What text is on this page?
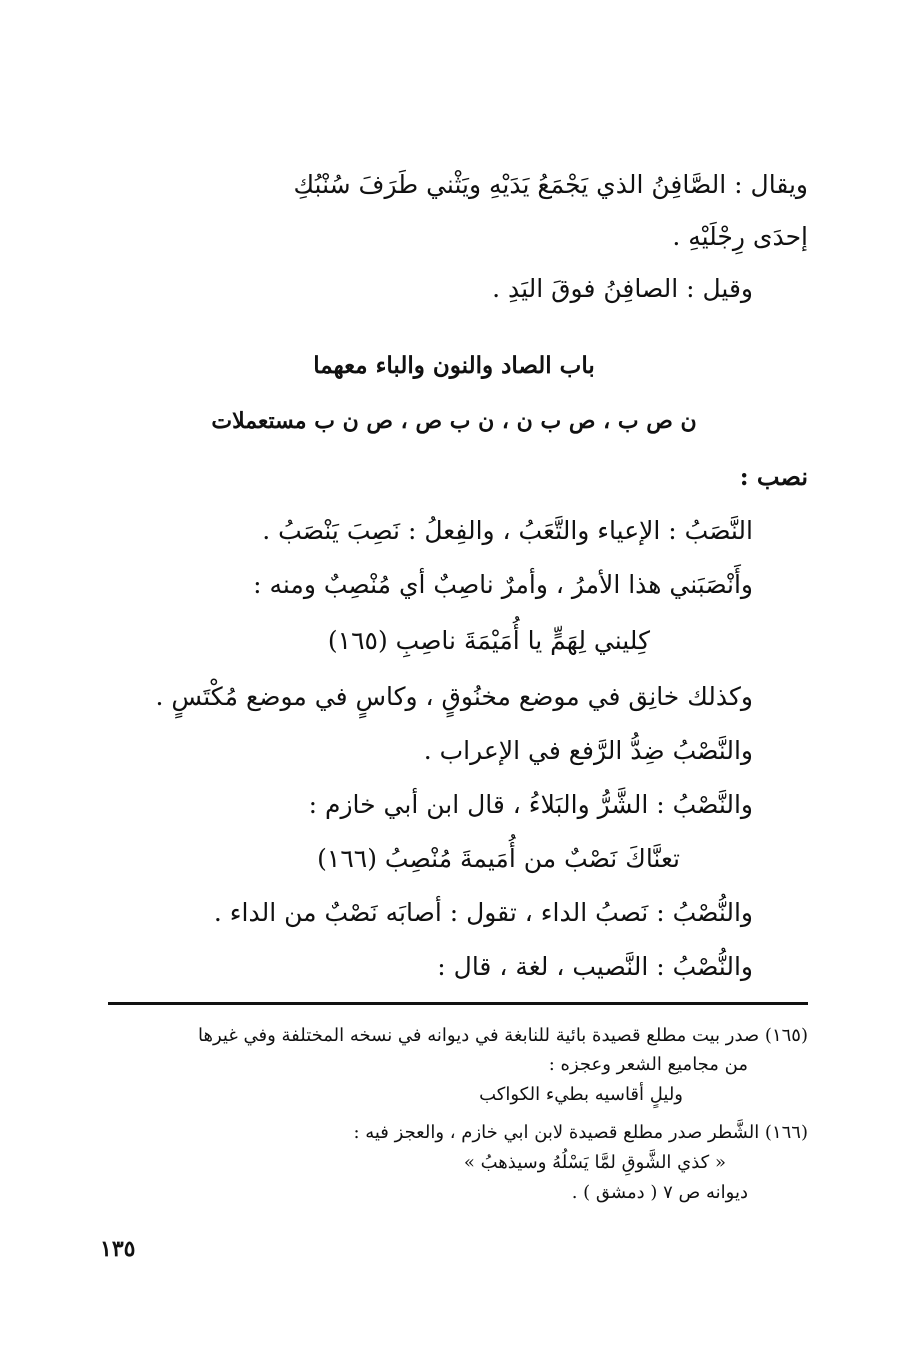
ويقال : الصَّافِنُ الذي يَجْمَعُ يَدَيْهِ ويَثْني طَرَفَ سُنْبُكِ
إحدَى رِجْلَيْهِ .
وقيل : الصافِنُ فوقَ اليَدِ .
باب الصاد والنون والباء معهما
ن ص ب ، ص ب ن ، ن ب ص ، ص ن ب مستعملات
نصب :
النَّصَبُ : الإعياء والتَّعَبُ ، والفِعلُ : نَصِبَ يَنْصَبُ .
وأَنْصَبَني هذا الأمرُ ، وأمرٌ ناصِبٌ أي مُنْصِبٌ ومنه :
كِليني لِهَمٍّ يا أُمَيْمَةَ ناصِبِ (١٦٥)
وكذلك خانِق في موضع مخنُوقٍ ، وكاسٍ في موضع مُكْتَسٍ .
والنَّصْبُ ضِدُّ الرَّفع في الإعراب .
والنَّصْبُ : الشَّرُّ والبَلاءُ ، قال ابن أبي خازم :
تعنَّاكَ نَصْبٌ من أُمَيمةَ مُنْصِبُ (١٦٦)
والنُّصْبُ : نَصبُ الداء ، تقول : أصابَه نَصْبٌ من الداء .
والنُّصْبُ : النَّصيب ، لغة ، قال :
(١٦٥) صدر بيت مطلع قصيدة بائية للنابغة في ديوانه في نسخه المختلفة وفي غيرها
من مجاميع الشعر وعجزه :
وليلٍ أقاسيه بطيء الكواكب
(١٦٦) الشَّطر صدر مطلع قصيدة لابن ابي خازم ، والعجز فيه :
« كذي الشَّوقِ لمَّا يَسْلُهُ وسيذهبُ »
ديوانه ص ٧ ( دمشق ) .
١٣٥
